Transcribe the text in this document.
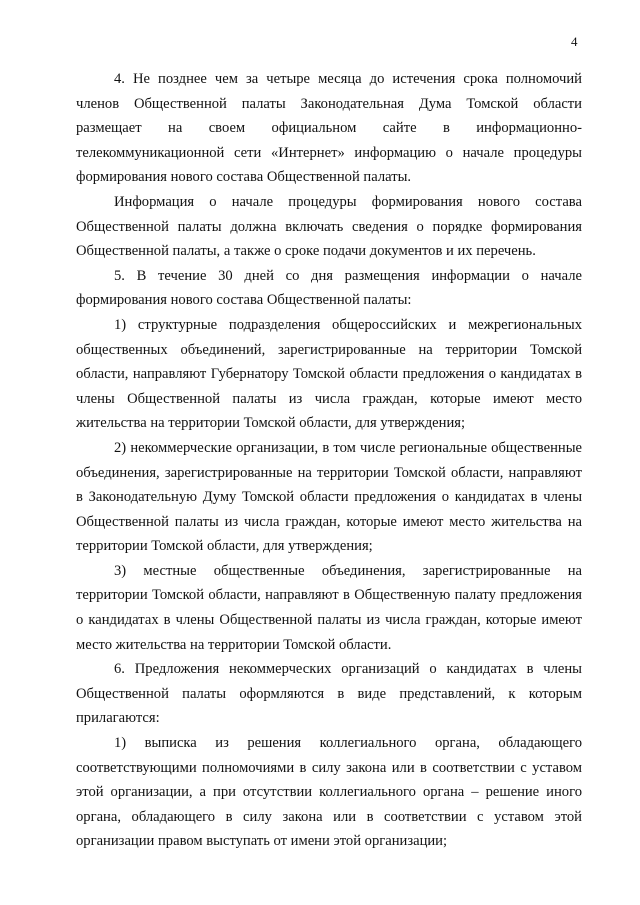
4

4. Не позднее чем за четыре месяца до истечения срока полномочий членов Общественной палаты Законодательная Дума Томской области размещает на своем официальном сайте в информационно-телекоммуникационной сети «Интернет» информацию о начале процедуры формирования нового состава Общественной палаты.

Информация о начале процедуры формирования нового состава Общественной палаты должна включать сведения о порядке формирования Общественной палаты, а также о сроке подачи документов и их перечень.

5. В течение 30 дней со дня размещения информации о начале формирования нового состава Общественной палаты:

1) структурные подразделения общероссийских и межрегиональных общественных объединений, зарегистрированные на территории Томской области, направляют Губернатору Томской области предложения о кандидатах в члены Общественной палаты из числа граждан, которые имеют место жительства на территории Томской области, для утверждения;

2) некоммерческие организации, в том числе региональные общественные объединения, зарегистрированные на территории Томской области, направляют в Законодательную Думу Томской области предложения о кандидатах в члены Общественной палаты из числа граждан, которые имеют место жительства на территории Томской области, для утверждения;

3) местные общественные объединения, зарегистрированные на территории Томской области, направляют в Общественную палату предложения о кандидатах в члены Общественной палаты из числа граждан, которые имеют место жительства на территории Томской области.

6. Предложения некоммерческих организаций о кандидатах в члены Общественной палаты оформляются в виде представлений, к которым прилагаются:

1) выписка из решения коллегиального органа, обладающего соответствующими полномочиями в силу закона или в соответствии с уставом этой организации, а при отсутствии коллегиального органа – решение иного органа, обладающего в силу закона или в соответствии с уставом этой организации правом выступать от имени этой организации;
